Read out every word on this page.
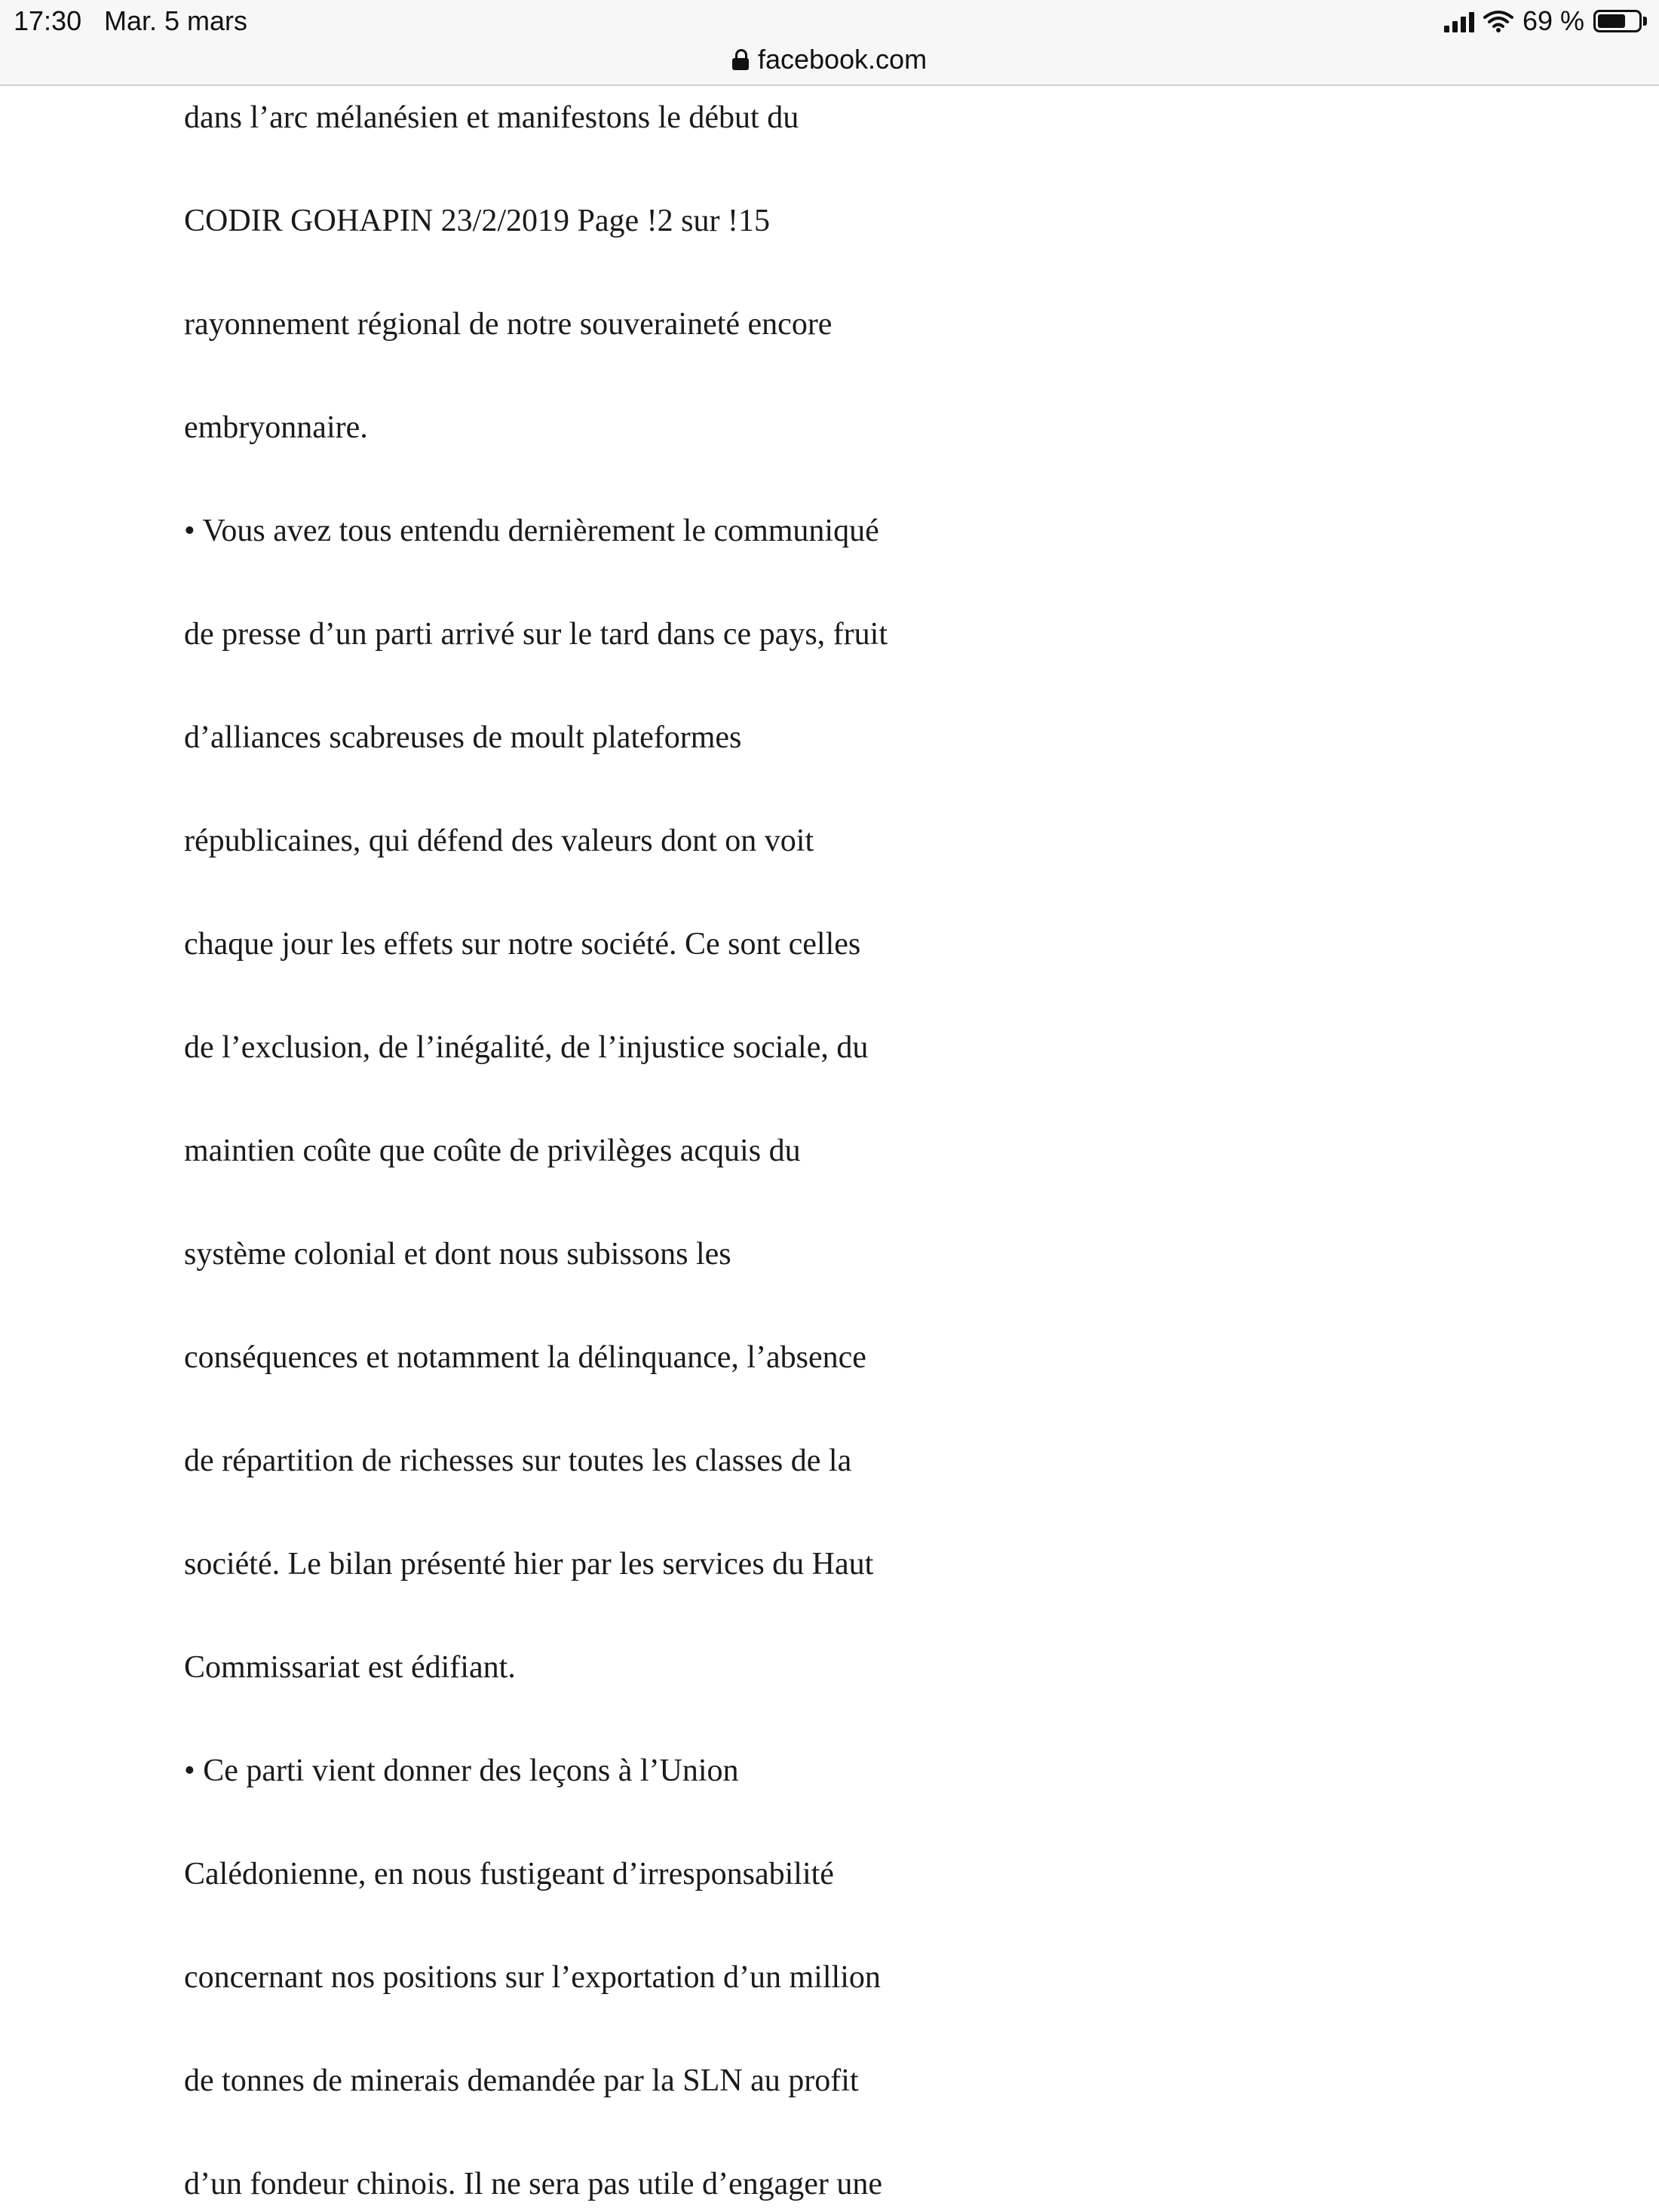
17:30 Mar. 5 mars	69 %
facebook.com
dans l’arc mélanésien et manifestons le début du
CODIR GOHAPIN 23/2/2019 Page !2 sur !15
rayonnement régional de notre souveraineté encore
embryonnaire.
• Vous avez tous entendu dernièrement le communiqué
de presse d’un parti arrivé sur le tard dans ce pays, fruit
d’alliances scabreuses de moult plateformes
républicaines, qui défend des valeurs dont on voit
chaque jour les effets sur notre société. Ce sont celles
de l’exclusion, de l’inégalité, de l’injustice sociale, du
maintien coûte que coûte de privilèges acquis du
système colonial et dont nous subissons les
conséquences et notamment la délinquance, l’absence
de répartition de richesses sur toutes les classes de la
société. Le bilan présenté hier par les services du Haut
Commissariat est édifiant.
• Ce parti vient donner des leçons à l’Union
Calédonienne, en nous fustigeant d’irresponsabilité
concernant nos positions sur l’exportation d’un million
de tonnes de minerais demandée par la SLN au profit
d’un fondeur chinois. Il ne sera pas utile d’engager une
